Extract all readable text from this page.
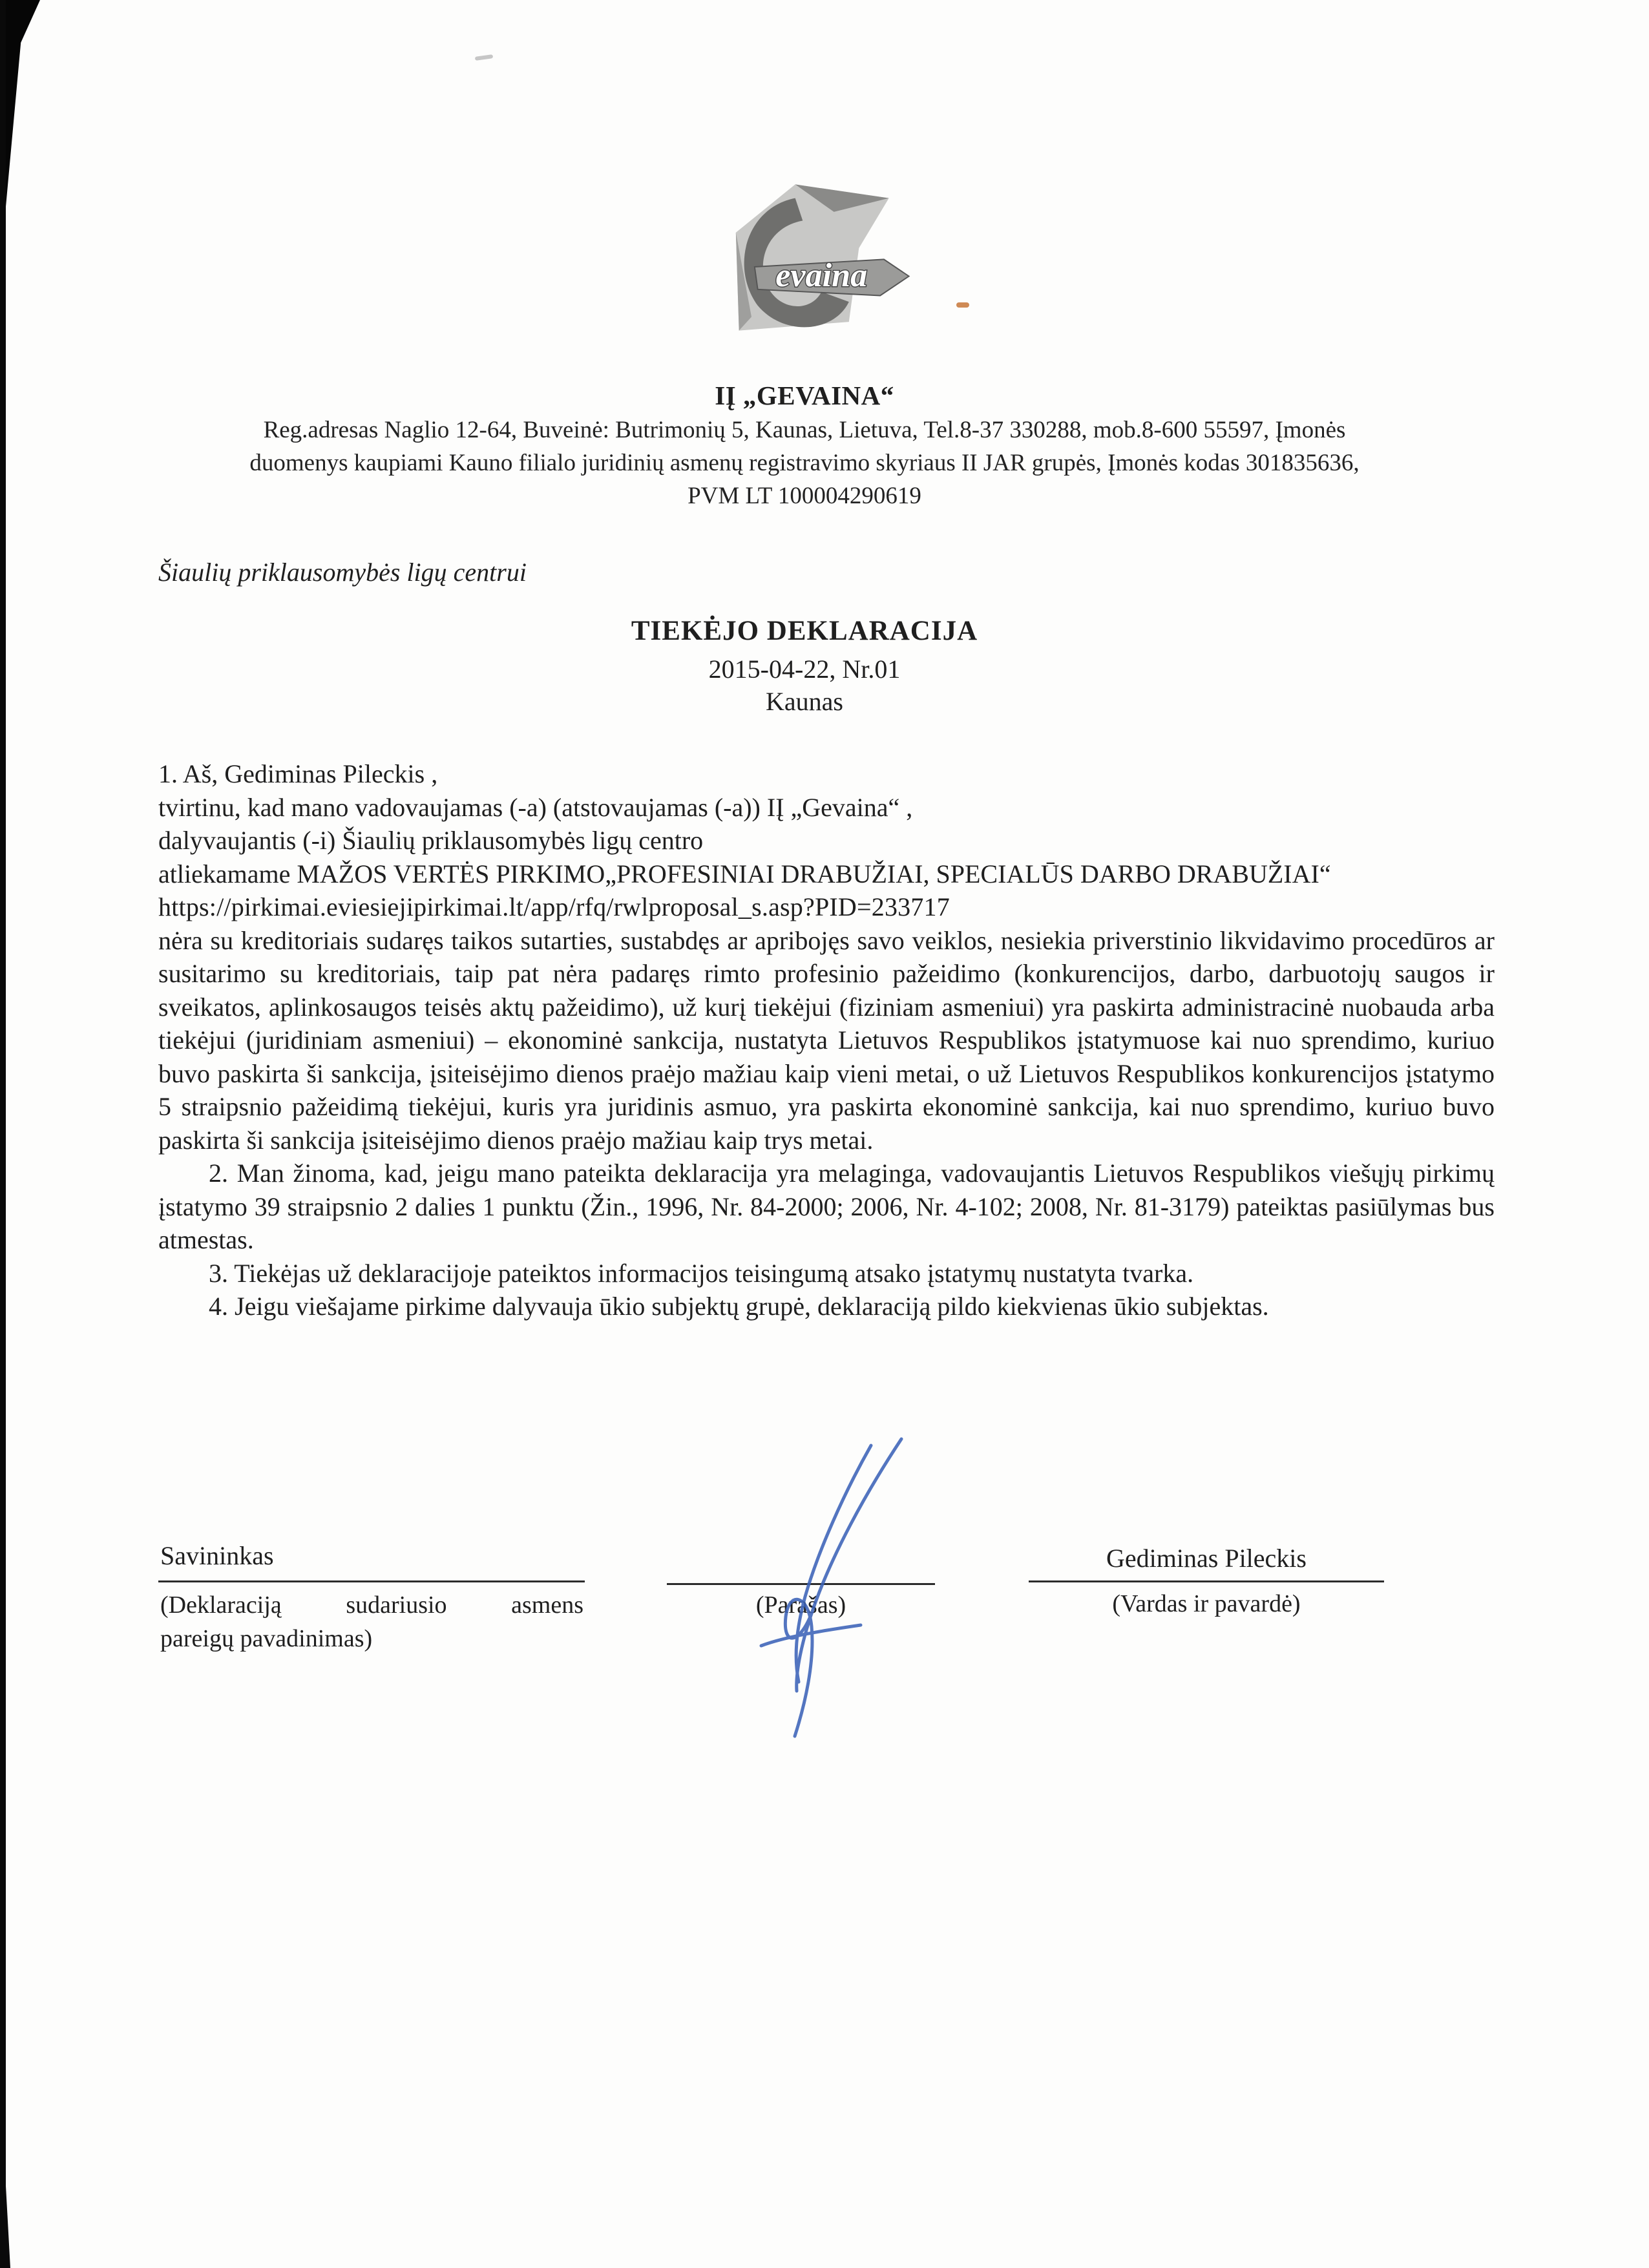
evaina
IĮ „GEVAINA“
Reg.adresas Naglio 12-64, Buveinė: Butrimonių 5, Kaunas, Lietuva, Tel.8-37 330288, mob.8-600 55597, Įmonės
duomenys kaupiami Kauno filialo juridinių asmenų registravimo skyriaus II JAR grupės, Įmonės kodas 301835636,
PVM LT 100004290619
Šiaulių priklausomybės ligų centrui
TIEKĖJO DEKLARACIJA
2015-04-22, Nr.01
Kaunas
1. Aš, Gediminas Pileckis ,
tvirtinu, kad mano vadovaujamas (-a) (atstovaujamas (-a)) IĮ „Gevaina“ ,
dalyvaujantis (-i) Šiaulių priklausomybės ligų centro
atliekamame MAŽOS VERTĖS PIRKIMO„PROFESINIAI DRABUŽIAI, SPECIALŪS DARBO DRABUŽIAI“
https://pirkimai.eviesiejipirkimai.lt/app/rfq/rwlproposal_s.asp?PID=233717
nėra su kreditoriais sudaręs taikos sutarties, sustabdęs ar apribojęs savo veiklos, nesiekia priverstinio likvidavimo procedūros ar susitarimo su kreditoriais, taip pat nėra padaręs rimto profesinio pažeidimo (konkurencijos, darbo, darbuotojų saugos ir sveikatos, aplinkosaugos teisės aktų pažeidimo), už kurį tiekėjui (fiziniam asmeniui) yra paskirta administracinė nuobauda arba tiekėjui (juridiniam asmeniui) – ekonominė sankcija, nustatyta Lietuvos Respublikos įstatymuose kai nuo sprendimo, kuriuo buvo paskirta ši sankcija, įsiteisėjimo dienos praėjo mažiau kaip vieni metai, o už Lietuvos Respublikos konkurencijos įstatymo 5 straipsnio pažeidimą tiekėjui, kuris yra juridinis asmuo, yra paskirta ekonominė sankcija, kai nuo sprendimo, kuriuo buvo paskirta ši sankcija įsiteisėjimo dienos praėjo mažiau kaip trys metai.
2. Man žinoma, kad, jeigu mano pateikta deklaracija yra melaginga, vadovaujantis Lietuvos Respublikos viešųjų pirkimų įstatymo 39 straipsnio 2 dalies 1 punktu (Žin., 1996, Nr. 84-2000; 2006, Nr. 4-102; 2008, Nr. 81-3179) pateiktas pasiūlymas bus atmestas.
3. Tiekėjas už deklaracijoje pateiktos informacijos teisingumą atsako įstatymų nustatyta tvarka.
4. Jeigu viešajame pirkime dalyvauja ūkio subjektų grupė, deklaraciją pildo kiekvienas ūkio subjektas.
Savininkas
(Deklaraciją sudariusio asmens
pareigų pavadinimas)
(Parašas)
Gediminas Pileckis
(Vardas ir pavardė)
